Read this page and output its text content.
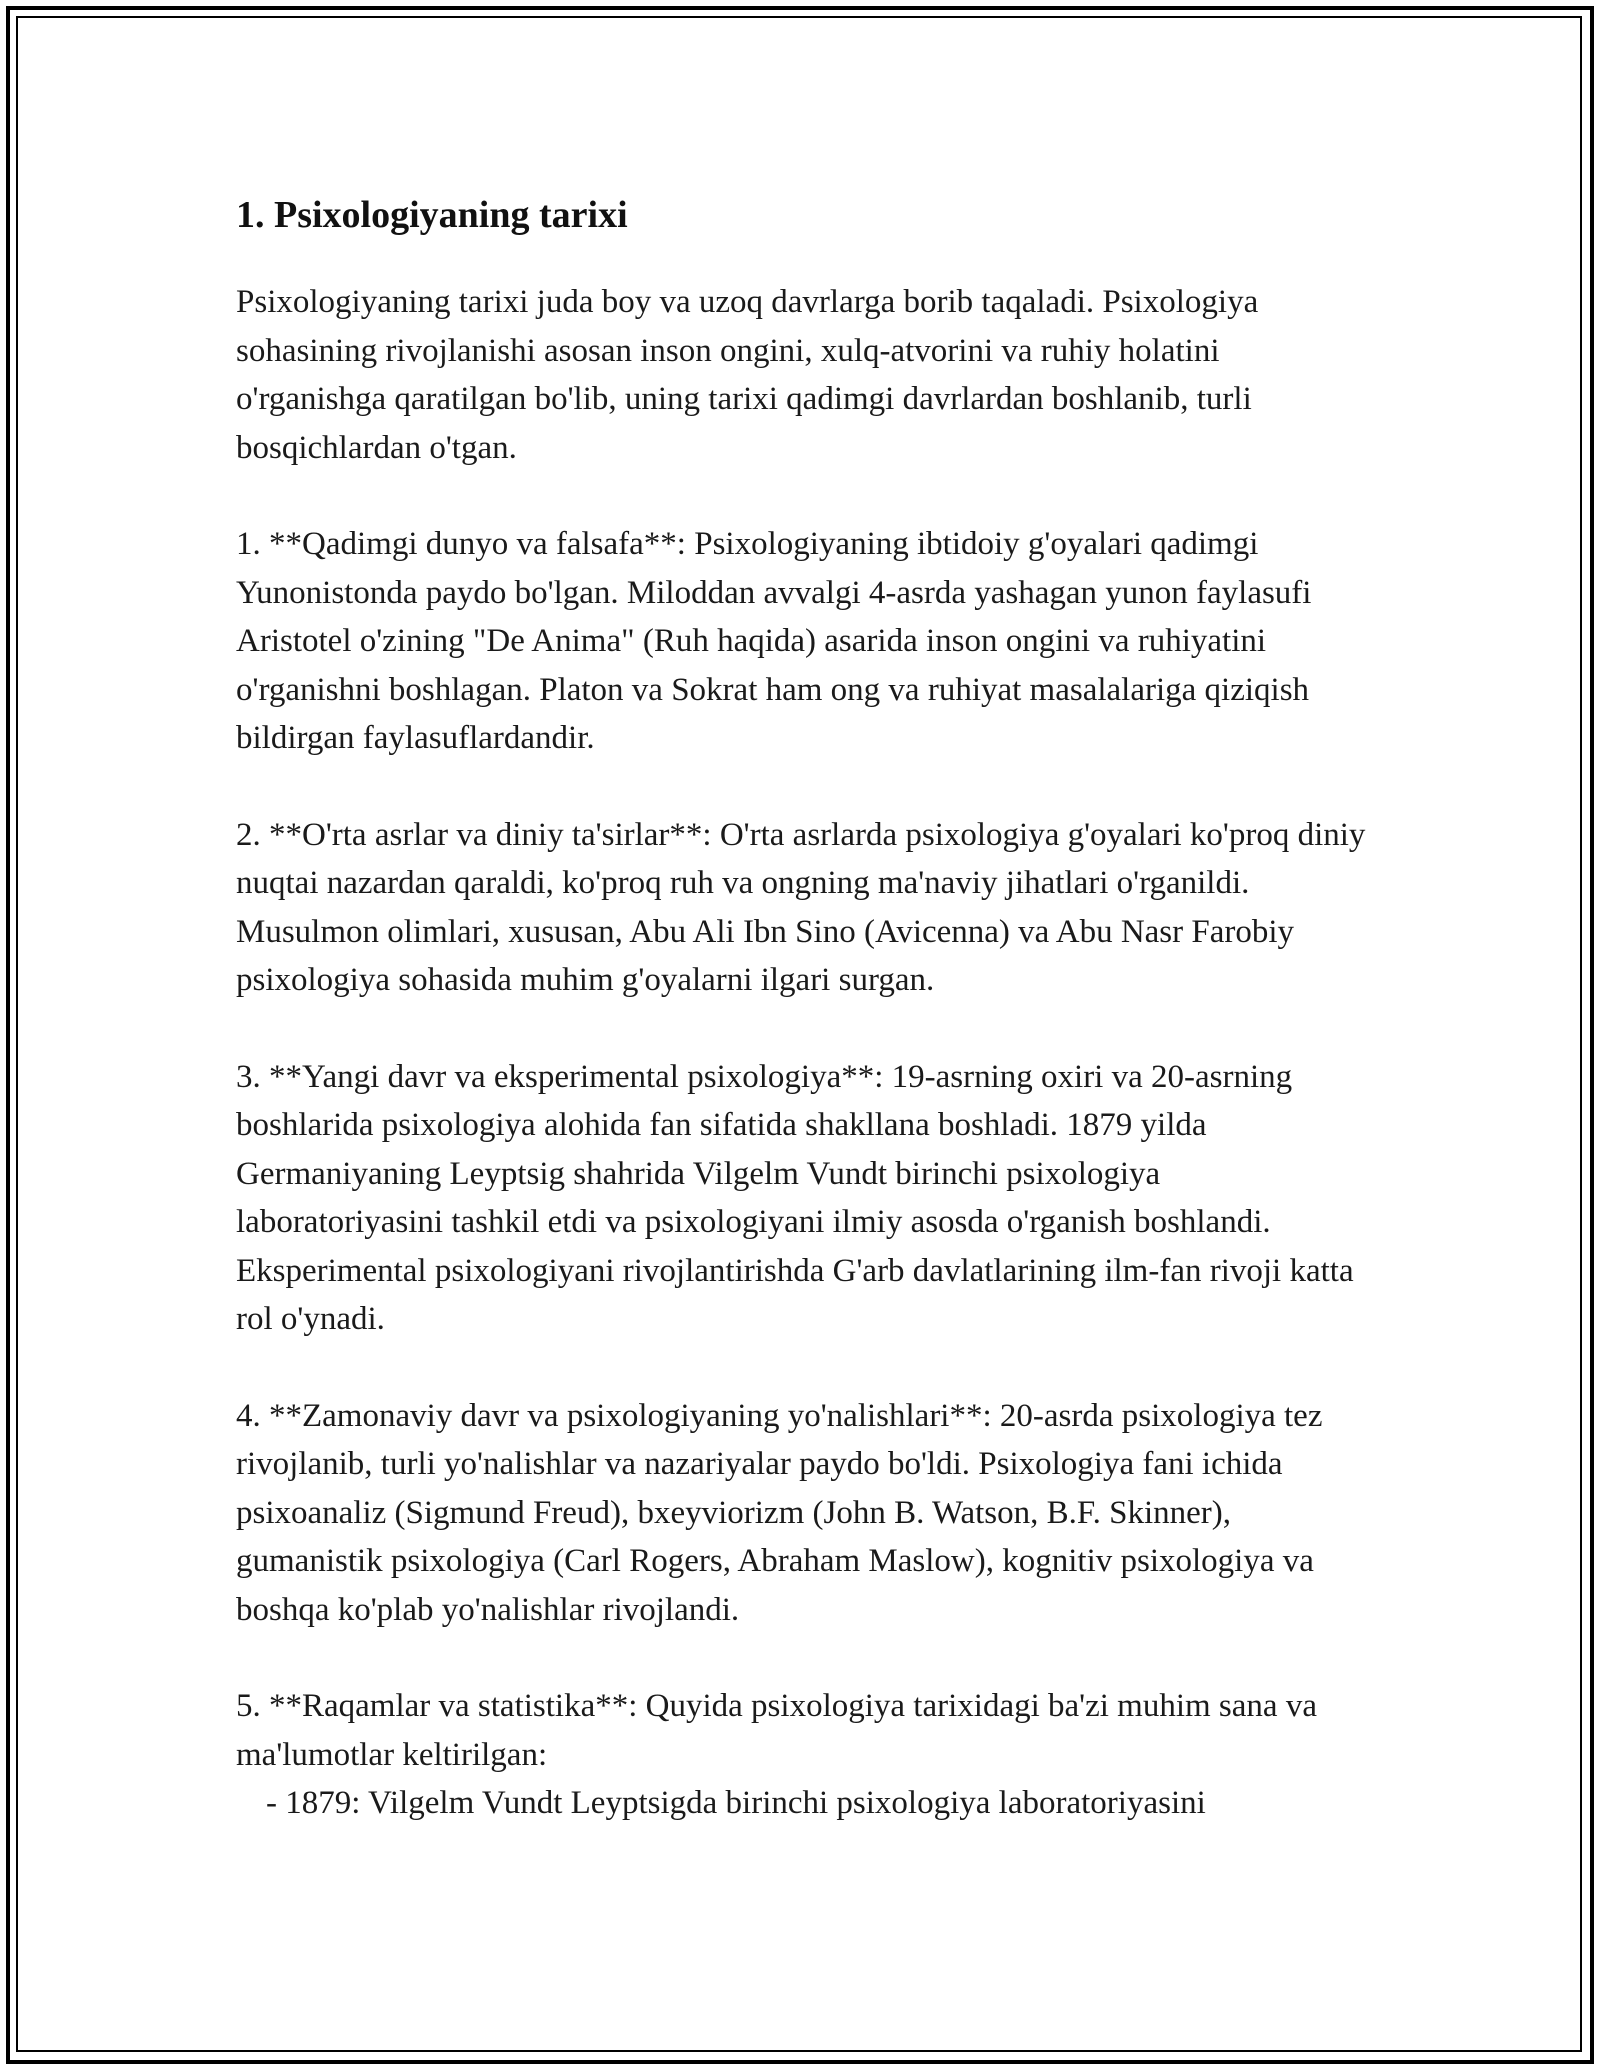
1. Psixologiyaning tarixi

Psixologiyaning tarixi juda boy va uzoq davrlarga borib taqaladi. Psixologiya sohasining rivojlanishi asosan inson ongini, xulq-atvorini va ruhiy holatini o'rganishga qaratilgan bo'lib, uning tarixi qadimgi davrlardan boshlanib, turli bosqichlardan o'tgan.

1. **Qadimgi dunyo va falsafa**: Psixologiyaning ibtidoiy g'oyalari qadimgi Yunonistonda paydo bo'lgan. Miloddan avvalgi 4-asrda yashagan yunon faylasufi Aristotel o'zining "De Anima" (Ruh haqida) asarida inson ongini va ruhiyatini o'rganishni boshlagan. Platon va Sokrat ham ong va ruhiyat masalalariga qiziqish bildirgan faylasuflardandir.

2. **O'rta asrlar va diniy ta'sirlar**: O'rta asrlarda psixologiya g'oyalari ko'proq diniy nuqtai nazardan qaraldi, ko'proq ruh va ongning ma'naviy jihatlari o'rganildi. Musulmon olimlari, xususan, Abu Ali Ibn Sino (Avicenna) va Abu Nasr Farobiy psixologiya sohasida muhim g'oyalarni ilgari surgan.

3. **Yangi davr va eksperimental psixologiya**: 19-asrning oxiri va 20-asrning boshlarida psixologiya alohida fan sifatida shakllana boshladi. 1879 yilda Germaniyaning Leyptsig shahrida Vilgelm Vundt birinchi psixologiya laboratoriyasini tashkil etdi va psixologiyani ilmiy asosda o'rganish boshlandi. Eksperimental psixologiyani rivojlantirishda G'arb davlatlarining ilm-fan rivoji katta rol o'ynadi.

4. **Zamonaviy davr va psixologiyaning yo'nalishlari**: 20-asrda psixologiya tez rivojlanib, turli yo'nalishlar va nazariyalar paydo bo'ldi. Psixologiya fani ichida psixoanaliz (Sigmund Freud), bxeyviorizm (John B. Watson, B.F. Skinner), gumanistik psixologiya (Carl Rogers, Abraham Maslow), kognitiv psixologiya va boshqa ko'plab yo'nalishlar rivojlandi.

5. **Raqamlar va statistika**: Quyida psixologiya tarixidagi ba'zi muhim sana va ma'lumotlar keltirilgan:

- 1879: Vilgelm Vundt Leyptsigda birinchi psixologiya laboratoriyasini
